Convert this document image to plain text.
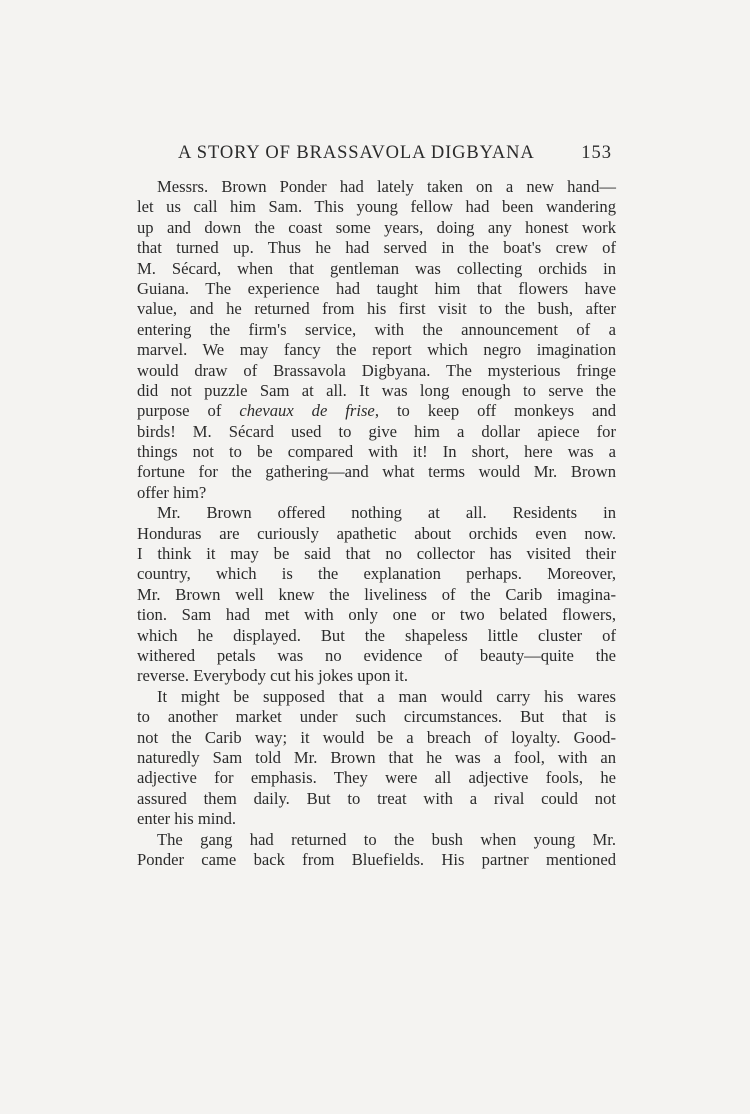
A STORY OF BRASSAVOLA DIGBYANA	153
Messrs. Brown Ponder had lately taken on a new hand—
let us call him Sam. This young fellow had been wandering
up and down the coast some years, doing any honest work
that turned up. Thus he had served in the boat's crew of
M. Sécard, when that gentleman was collecting orchids in
Guiana. The experience had taught him that flowers have
value, and he returned from his first visit to the bush, after
entering the firm's service, with the announcement of a
marvel. We may fancy the report which negro imagination
would draw of Brassavola Digbyana. The mysterious fringe
did not puzzle Sam at all. It was long enough to serve the
purpose of chevaux de frise, to keep off monkeys and
birds! M. Sécard used to give him a dollar apiece for
things not to be compared with it! In short, here was a
fortune for the gathering—and what terms would Mr. Brown
offer him?
Mr. Brown offered nothing at all. Residents in
Honduras are curiously apathetic about orchids even now.
I think it may be said that no collector has visited their
country, which is the explanation perhaps. Moreover,
Mr. Brown well knew the liveliness of the Carib imagina-
tion. Sam had met with only one or two belated flowers,
which he displayed. But the shapeless little cluster of
withered petals was no evidence of beauty—quite the
reverse. Everybody cut his jokes upon it.
It might be supposed that a man would carry his wares
to another market under such circumstances. But that is
not the Carib way; it would be a breach of loyalty. Good-
naturedly Sam told Mr. Brown that he was a fool, with an
adjective for emphasis. They were all adjective fools, he
assured them daily. But to treat with a rival could not
enter his mind.
The gang had returned to the bush when young Mr.
Ponder came back from Bluefields. His partner mentioned
